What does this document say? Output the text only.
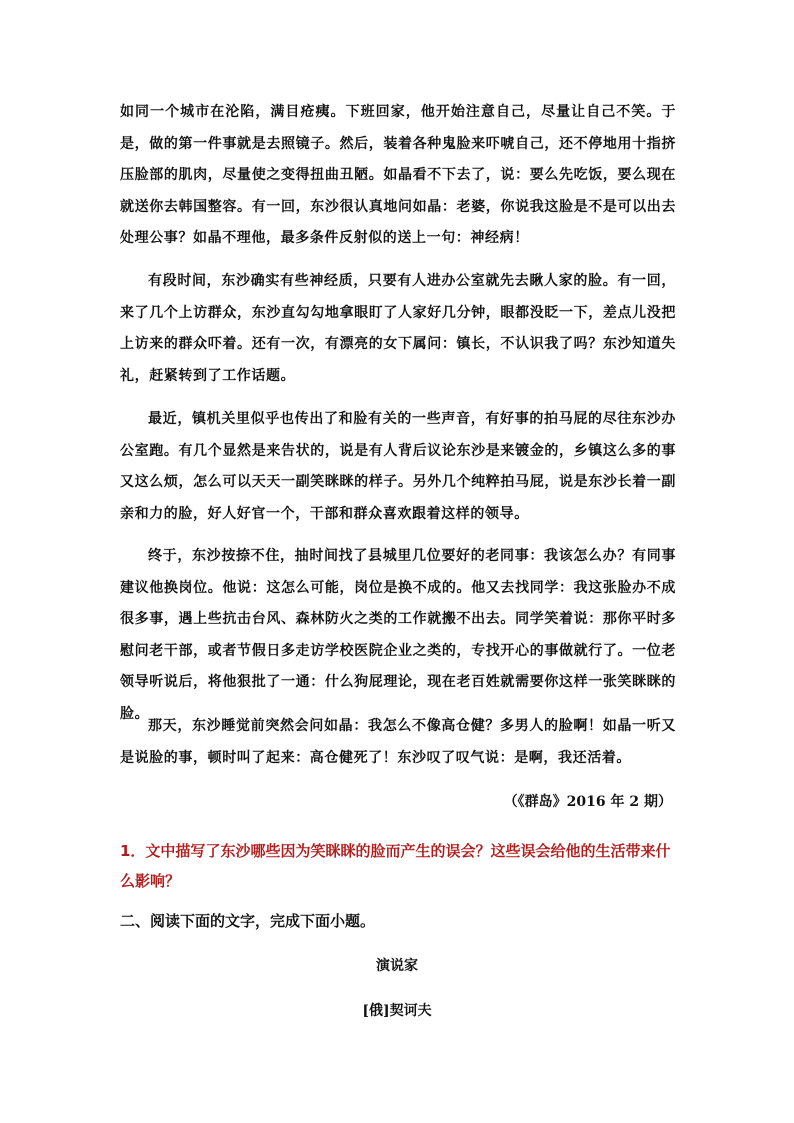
如同一个城市在沦陷，满目疮痍。下班回家，他开始注意自己，尽量让自己不笑。于是，做的第一件事就是去照镜子。然后，装着各种鬼脸来吓唬自己，还不停地用十指挤压脸部的肌肉，尽量使之变得扭曲丑陋。如晶看不下去了，说：要么先吃饭，要么现在就送你去韩国整容。有一回，东沙很认真地问如晶：老婆，你说我这脸是不是可以出去处理公事？如晶不理他，最多条件反射似的送上一句：神经病！

有段时间，东沙确实有些神经质，只要有人进办公室就先去瞅人家的脸。有一回，来了几个上访群众，东沙直勾勾地拿眼盯了人家好几分钟，眼都没眨一下，差点儿没把上访来的群众吓着。还有一次，有漂亮的女下属问：镇长，不认识我了吗？东沙知道失礼，赶紧转到了工作话题。

最近，镇机关里似乎也传出了和脸有关的一些声音，有好事的拍马屁的尽往东沙办公室跑。有几个显然是来告状的，说是有人背后议论东沙是来镀金的，乡镇这么多的事又这么烦，怎么可以天天一副笑眯眯的样子。另外几个纯粹拍马屁，说是东沙长着一副亲和力的脸，好人好官一个，干部和群众喜欢跟着这样的领导。

终于，东沙按捺不住，抽时间找了县城里几位要好的老同事：我该怎么办？有同事建议他换岗位。他说：这怎么可能，岗位是换不成的。他又去找同学：我这张脸办不成很多事，遇上些抗击台风、森林防火之类的工作就搬不出去。同学笑着说：那你平时多慰问老干部，或者节假日多走访学校医院企业之类的，专找开心的事做就行了。一位老领导听说后，将他狠批了一通：什么狗屁理论，现在老百姓就需要你这样一张笑眯眯的脸。

那天，东沙睡觉前突然会问如晶：我怎么不像高仓健？多男人的脸啊！如晶一听又是说脸的事，顿时叫了起来：高仓健死了！东沙叹了叹气说：是啊，我还活着。

（《群岛》2016 年 2 期）

1．文中描写了东沙哪些因为笑眯眯的脸而产生的误会？这些误会给他的生活带来什么影响？

二、阅读下面的文字，完成下面小题。

演说家

[俄]契诃夫
